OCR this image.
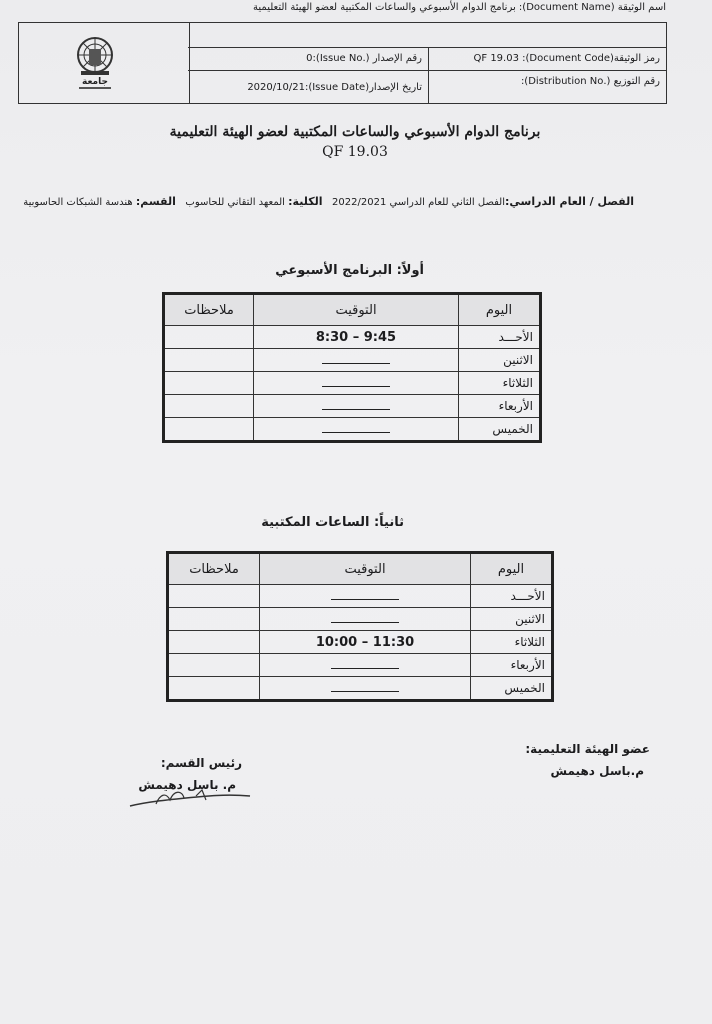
اسم الوثيقة (Document Name): برنامج الدوام الأسبوعي والساعات المكتبية لعضو الهيئة التعليمية
جامعة
رمز الوثيقة(Document Code): QF 19.03
رقم الإصدار (.Issue No):0
رقم التوزيع (.Distribution No):
تاريخ الإصدار(Issue Date):2020/10/21
برنامج الدوام الأسبوعي والساعات المكتبية لعضو الهيئة التعليمية
QF 19.03
الفصل / العام الدراسي:الفصل الثاني للعام الدراسي 2022/2021   الكلية: المعهد التقاني للحاسوب   القسم: هندسة الشبكات الحاسوبية
أولاً: البرنامج الأسبوعي
اليوم	التوقيت	ملاحظات
الأحـــد	8:30 – 9:45	
الاثنين		
الثلاثاء		
الأربعاء		
الخميس		
ثانياً: الساعات المكتبية
اليوم	التوقيت	ملاحظات
الأحـــد		
الاثنين		
الثلاثاء	10:00 – 11:30	
الأربعاء		
الخميس		
عضو الهيئة التعليمية:
م.باسل دهيمش
رئيس القسم:
م. باسل دهيمش
